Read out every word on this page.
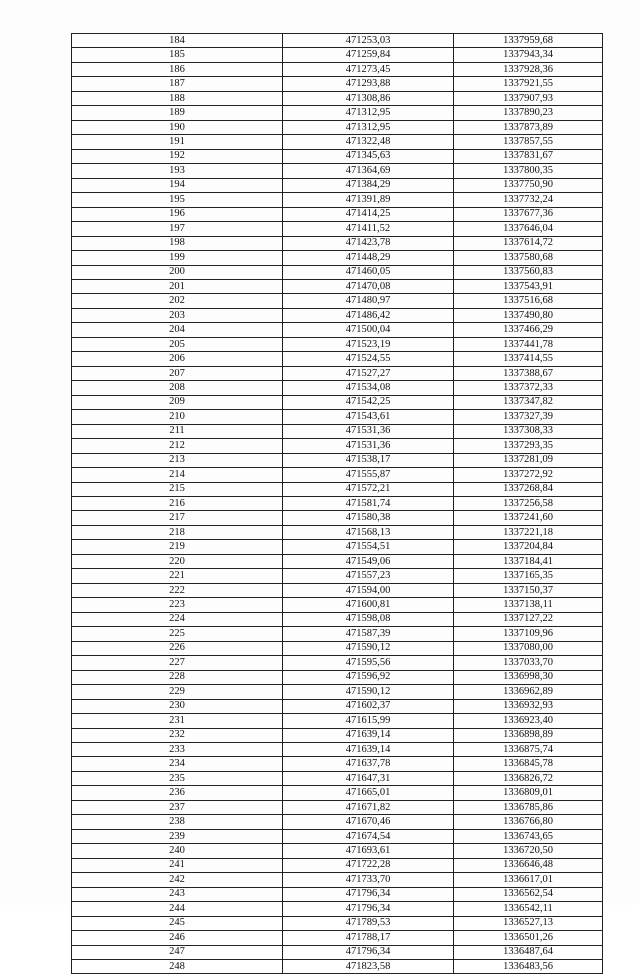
184	471253,03	1337959,68
185	471259,84	1337943,34
186	471273,45	1337928,36
187	471293,88	1337921,55
188	471308,86	1337907,93
189	471312,95	1337890,23
190	471312,95	1337873,89
191	471322,48	1337857,55
192	471345,63	1337831,67
193	471364,69	1337800,35
194	471384,29	1337750,90
195	471391,89	1337732,24
196	471414,25	1337677,36
197	471411,52	1337646,04
198	471423,78	1337614,72
199	471448,29	1337580,68
200	471460,05	1337560,83
201	471470,08	1337543,91
202	471480,97	1337516,68
203	471486,42	1337490,80
204	471500,04	1337466,29
205	471523,19	1337441,78
206	471524,55	1337414,55
207	471527,27	1337388,67
208	471534,08	1337372,33
209	471542,25	1337347,82
210	471543,61	1337327,39
211	471531,36	1337308,33
212	471531,36	1337293,35
213	471538,17	1337281,09
214	471555,87	1337272,92
215	471572,21	1337268,84
216	471581,74	1337256,58
217	471580,38	1337241,60
218	471568,13	1337221,18
219	471554,51	1337204,84
220	471549,06	1337184,41
221	471557,23	1337165,35
222	471594,00	1337150,37
223	471600,81	1337138,11
224	471598,08	1337127,22
225	471587,39	1337109,96
226	471590,12	1337080,00
227	471595,56	1337033,70
228	471596,92	1336998,30
229	471590,12	1336962,89
230	471602,37	1336932,93
231	471615,99	1336923,40
232	471639,14	1336898,89
233	471639,14	1336875,74
234	471637,78	1336845,78
235	471647,31	1336826,72
236	471665,01	1336809,01
237	471671,82	1336785,86
238	471670,46	1336766,80
239	471674,54	1336743,65
240	471693,61	1336720,50
241	471722,28	1336646,48
242	471733,70	1336617,01
243	471796,34	1336562,54
244	471796,34	1336542,11
245	471789,53	1336527,13
246	471788,17	1336501,26
247	471796,34	1336487,64
248	471823,58	1336483,56
